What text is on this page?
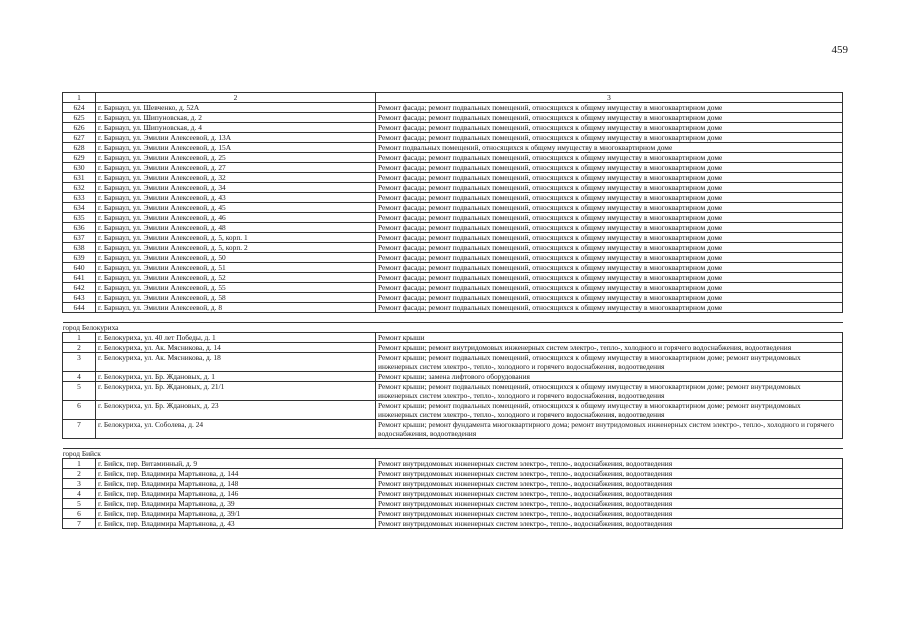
459
1	2	3
624	г. Барнаул, ул. Шевченко, д. 52А	Ремонт фасада; ремонт подвальных помещений, относящихся к общему имуществу в многоквартирном доме
625	г. Барнаул, ул. Шипуновская, д. 2	Ремонт фасада; ремонт подвальных помещений, относящихся к общему имуществу в многоквартирном доме
626	г. Барнаул, ул. Шипуновская, д. 4	Ремонт фасада; ремонт подвальных помещений, относящихся к общему имуществу в многоквартирном доме
627	г. Барнаул, ул. Эмилии Алексеевой, д. 13А	Ремонт фасада; ремонт подвальных помещений, относящихся к общему имуществу в многоквартирном доме
628	г. Барнаул, ул. Эмилии Алексеевой, д. 15А	Ремонт подвальных помещений, относящихся к общему имуществу в многоквартирном доме
629	г. Барнаул, ул. Эмилии Алексеевой, д. 25	Ремонт фасада; ремонт подвальных помещений, относящихся к общему имуществу в многоквартирном доме
630	г. Барнаул, ул. Эмилии Алексеевой, д. 27	Ремонт фасада; ремонт подвальных помещений, относящихся к общему имуществу в многоквартирном доме
631	г. Барнаул, ул. Эмилии Алексеевой, д. 32	Ремонт фасада; ремонт подвальных помещений, относящихся к общему имуществу в многоквартирном доме
632	г. Барнаул, ул. Эмилии Алексеевой, д. 34	Ремонт фасада; ремонт подвальных помещений, относящихся к общему имуществу в многоквартирном доме
633	г. Барнаул, ул. Эмилии Алексеевой, д. 43	Ремонт фасада; ремонт подвальных помещений, относящихся к общему имуществу в многоквартирном доме
634	г. Барнаул, ул. Эмилии Алексеевой, д. 45	Ремонт фасада; ремонт подвальных помещений, относящихся к общему имуществу в многоквартирном доме
635	г. Барнаул, ул. Эмилии Алексеевой, д. 46	Ремонт фасада; ремонт подвальных помещений, относящихся к общему имуществу в многоквартирном доме
636	г. Барнаул, ул. Эмилии Алексеевой, д. 48	Ремонт фасада; ремонт подвальных помещений, относящихся к общему имуществу в многоквартирном доме
637	г. Барнаул, ул. Эмилии Алексеевой, д. 5, корп. 1	Ремонт фасада; ремонт подвальных помещений, относящихся к общему имуществу в многоквартирном доме
638	г. Барнаул, ул. Эмилии Алексеевой, д. 5, корп. 2	Ремонт фасада; ремонт подвальных помещений, относящихся к общему имуществу в многоквартирном доме
639	г. Барнаул, ул. Эмилии Алексеевой, д. 50	Ремонт фасада; ремонт подвальных помещений, относящихся к общему имуществу в многоквартирном доме
640	г. Барнаул, ул. Эмилии Алексеевой, д. 51	Ремонт фасада; ремонт подвальных помещений, относящихся к общему имуществу в многоквартирном доме
641	г. Барнаул, ул. Эмилии Алексеевой, д. 52	Ремонт фасада; ремонт подвальных помещений, относящихся к общему имуществу в многоквартирном доме
642	г. Барнаул, ул. Эмилии Алексеевой, д. 55	Ремонт фасада; ремонт подвальных помещений, относящихся к общему имуществу в многоквартирном доме
643	г. Барнаул, ул. Эмилии Алексеевой, д. 58	Ремонт фасада; ремонт подвальных помещений, относящихся к общему имуществу в многоквартирном доме
644	г. Барнаул, ул. Эмилии Алексеевой, д. 8	Ремонт фасада; ремонт подвальных помещений, относящихся к общему имуществу в многоквартирном доме

город Белокуриха		
1	г. Белокуриха, ул. 40 лет Победы, д. 1	Ремонт крыши
2	г. Белокуриха, ул. Ак. Мясникова, д. 14	Ремонт крыши; ремонт внутридомовых инженерных систем электро-, тепло-, холодного и горячего водоснабжения, водоотведения
3	г. Белокуриха, ул. Ак. Мясникова, д. 18	Ремонт крыши; ремонт подвальных помещений, относящихся к общему имуществу в многоквартирном доме; ремонт внутридомовых инженерных систем электро-, тепло-, холодного и горячего водоснабжения, водоотведения
4	г. Белокуриха, ул. Бр. Ждановых, д. 1	Ремонт крыши; замена лифтового оборудования
5	г. Белокуриха, ул. Бр. Ждановых, д. 21/1	Ремонт крыши; ремонт подвальных помещений, относящихся к общему имуществу в многоквартирном доме; ремонт внутридомовых инженерных систем электро-, тепло-, холодного и горячего водоснабжения, водоотведения
6	г. Белокуриха, ул. Бр. Ждановых, д. 23	Ремонт крыши; ремонт подвальных помещений, относящихся к общему имуществу в многоквартирном доме; ремонт внутридомовых инженерных систем электро-, тепло-, холодного и горячего водоснабжения, водоотведения
7	г. Белокуриха, ул. Соболева, д. 24	Ремонт крыши; ремонт фундамента многоквартирного дома; ремонт внутридомовых инженерных систем электро-, тепло-, холодного и горячего водоснабжения, водоотведения

город Бийск		
1	г. Бийск, пер. Витаминный, д. 9	Ремонт внутридомовых инженерных систем электро-, тепло-, водоснабжения, водоотведения
2	г. Бийск, пер. Владимира Мартьянова, д. 144	Ремонт внутридомовых инженерных систем электро-, тепло-, водоснабжения, водоотведения
3	г. Бийск, пер. Владимира Мартьянова, д. 148	Ремонт внутридомовых инженерных систем электро-, тепло-, водоснабжения, водоотведения
4	г. Бийск, пер. Владимира Мартьянова, д. 146	Ремонт внутридомовых инженерных систем электро-, тепло-, водоснабжения, водоотведения
5	г. Бийск, пер. Владимира Мартьянова, д. 39	Ремонт внутридомовых инженерных систем электро-, тепло-, водоснабжения, водоотведения
6	г. Бийск, пер. Владимира Мартьянова, д. 39/1	Ремонт внутридомовых инженерных систем электро-, тепло-, водоснабжения, водоотведения
7	г. Бийск, пер. Владимира Мартьянова, д. 43	Ремонт внутридомовых инженерных систем электро-, тепло-, водоснабжения, водоотведения
